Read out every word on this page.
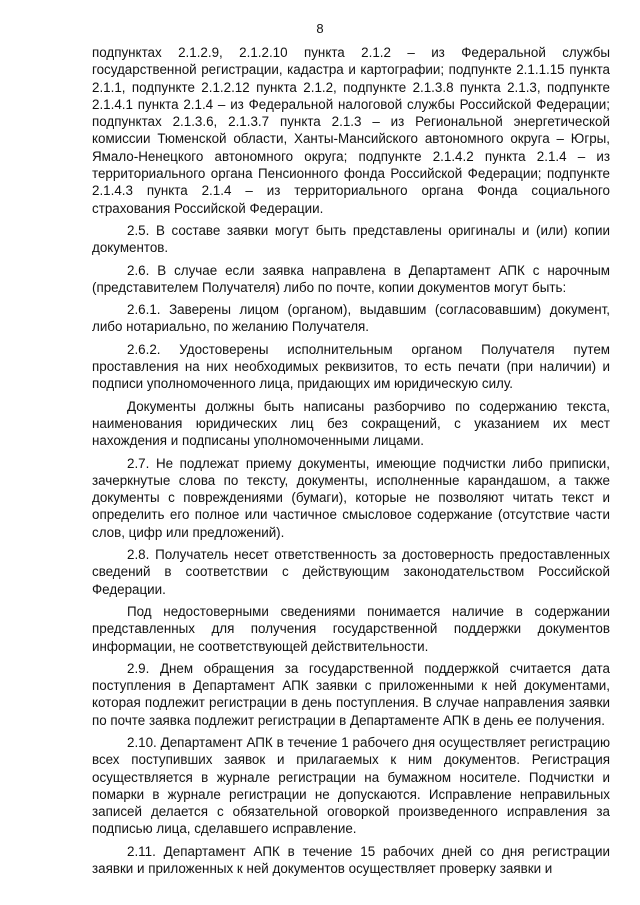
8

подпунктах 2.1.2.9, 2.1.2.10 пункта 2.1.2 – из Федеральной службы государственной регистрации, кадастра и картографии; подпункте 2.1.1.15 пункта 2.1.1, подпункте 2.1.2.12 пункта 2.1.2, подпункте 2.1.3.8 пункта 2.1.3, подпункте 2.1.4.1 пункта 2.1.4 – из Федеральной налоговой службы Российской Федерации; подпунктах 2.1.3.6, 2.1.3.7 пункта 2.1.3 – из Региональной энергетической комиссии Тюменской области, Ханты-Мансийского автономного округа – Югры, Ямало-Ненецкого автономного округа; подпункте 2.1.4.2 пункта 2.1.4 – из территориального органа Пенсионного фонда Российской Федерации; подпункте 2.1.4.3 пункта 2.1.4 – из территориального органа Фонда социального страхования Российской Федерации.

2.5. В составе заявки могут быть представлены оригиналы и (или) копии документов.

2.6. В случае если заявка направлена в Департамент АПК с нарочным (представителем Получателя) либо по почте, копии документов могут быть:

2.6.1. Заверены лицом (органом), выдавшим (согласовавшим) документ, либо нотариально, по желанию Получателя.

2.6.2. Удостоверены исполнительным органом Получателя путем проставления на них необходимых реквизитов, то есть печати (при наличии) и подписи уполномоченного лица, придающих им юридическую силу.

Документы должны быть написаны разборчиво по содержанию текста, наименования юридических лиц без сокращений, с указанием их мест нахождения и подписаны уполномоченными лицами.

2.7. Не подлежат приему документы, имеющие подчистки либо приписки, зачеркнутые слова по тексту, документы, исполненные карандашом, а также документы с повреждениями (бумаги), которые не позволяют читать текст и определить его полное или частичное смысловое содержание (отсутствие части слов, цифр или предложений).

2.8. Получатель несет ответственность за достоверность предоставленных сведений в соответствии с действующим законодательством Российской Федерации.

Под недостоверными сведениями понимается наличие в содержании представленных для получения государственной поддержки документов информации, не соответствующей действительности.

2.9. Днем обращения за государственной поддержкой считается дата поступления в Департамент АПК заявки с приложенными к ней документами, которая подлежит регистрации в день поступления. В случае направления заявки по почте заявка подлежит регистрации в Департаменте АПК в день ее получения.

2.10. Департамент АПК в течение 1 рабочего дня осуществляет регистрацию всех поступивших заявок и прилагаемых к ним документов. Регистрация осуществляется в журнале регистрации на бумажном носителе. Подчистки и помарки в журнале регистрации не допускаются. Исправление неправильных записей делается с обязательной оговоркой произведенного исправления за подписью лица, сделавшего исправление.

2.11. Департамент АПК в течение 15 рабочих дней со дня регистрации заявки и приложенных к ней документов осуществляет проверку заявки и
